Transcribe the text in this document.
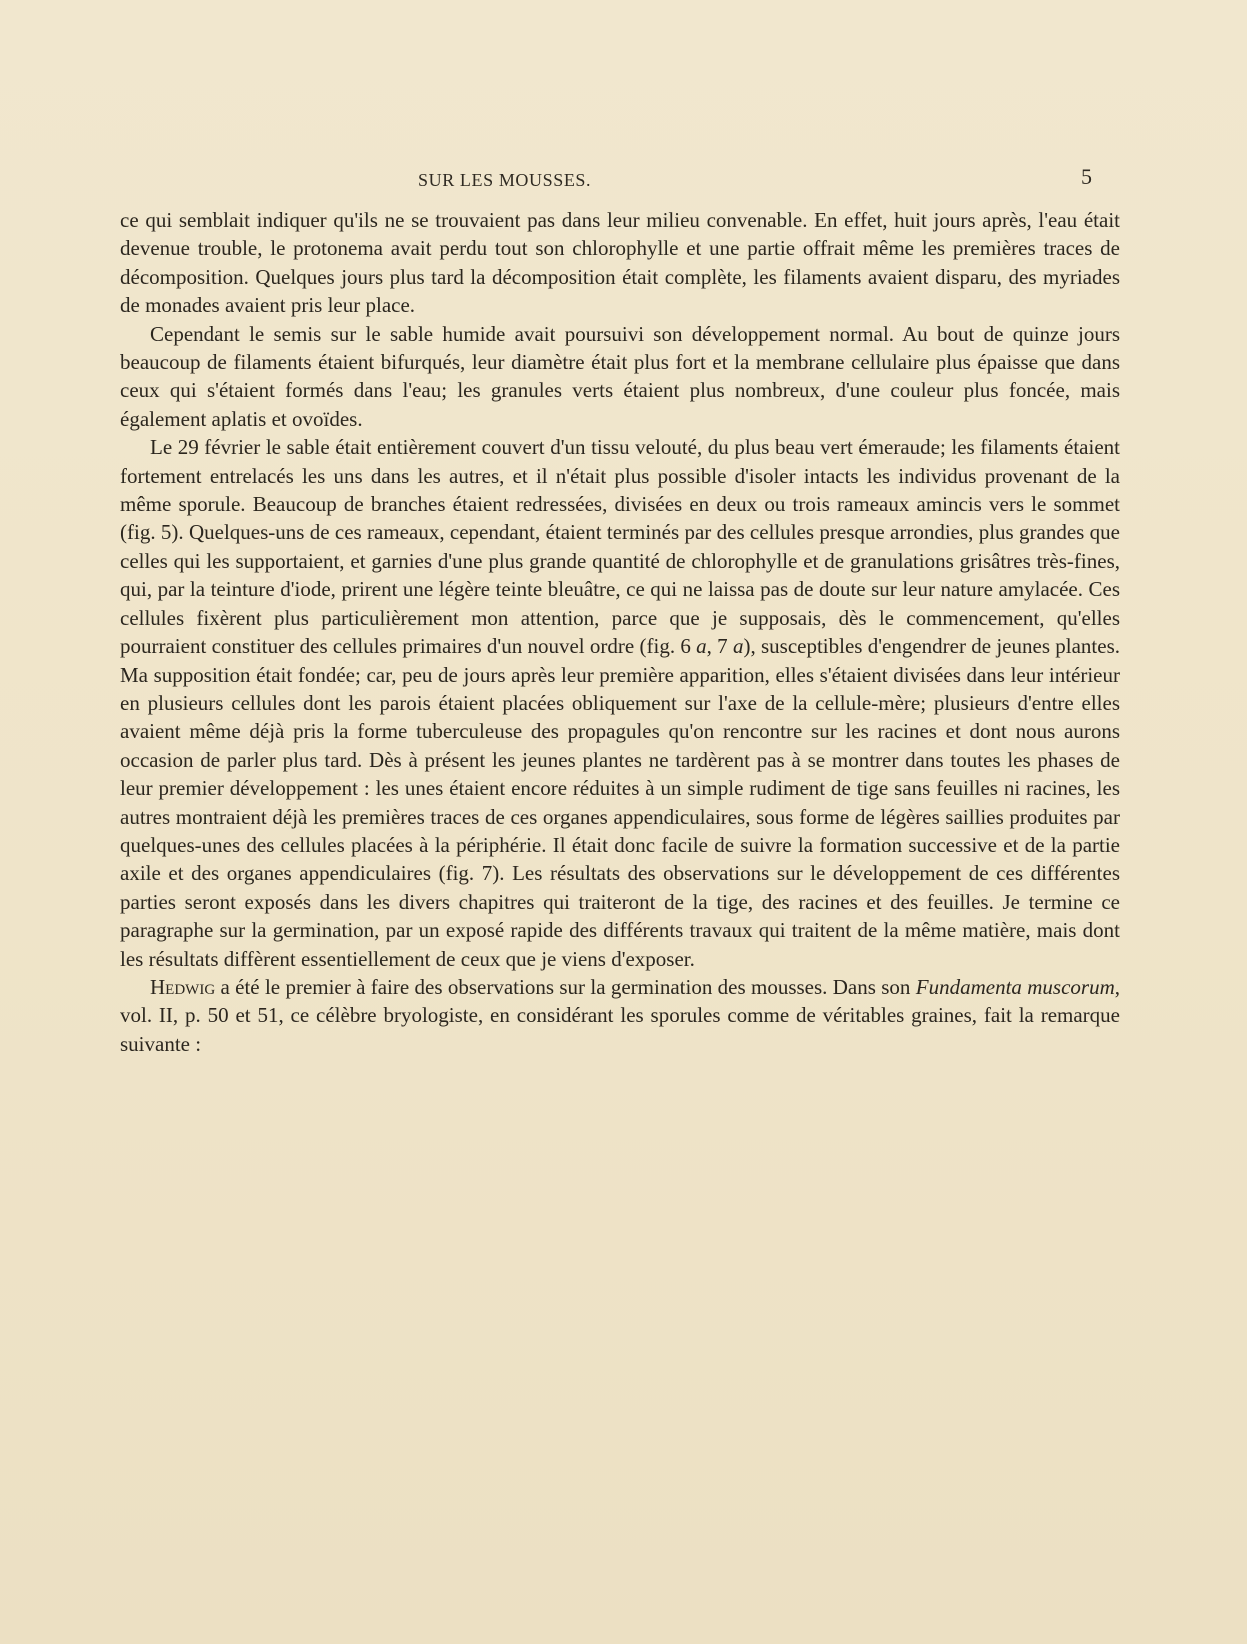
SUR LES MOUSSES.	5

ce qui semblait indiquer qu'ils ne se trouvaient pas dans leur milieu convenable. En effet, huit jours après, l'eau était devenue trouble, le protonema avait perdu tout son chlorophylle et une partie offrait même les premières traces de décomposition. Quelques jours plus tard la décomposition était complète, les filaments avaient disparu, des myriades de monades avaient pris leur place.

Cependant le semis sur le sable humide avait poursuivi son développement normal. Au bout de quinze jours beaucoup de filaments étaient bifurqués, leur diamètre était plus fort et la membrane cellulaire plus épaisse que dans ceux qui s'étaient formés dans l'eau; les granules verts étaient plus nombreux, d'une couleur plus foncée, mais également aplatis et ovoïdes.

Le 29 février le sable était entièrement couvert d'un tissu velouté, du plus beau vert émeraude; les filaments étaient fortement entrelacés les uns dans les autres, et il n'était plus possible d'isoler intacts les individus provenant de la même sporule. Beaucoup de branches étaient redressées, divisées en deux ou trois rameaux amincis vers le sommet (fig. 5). Quelques-uns de ces rameaux, cependant, étaient terminés par des cellules presque arrondies, plus grandes que celles qui les supportaient, et garnies d'une plus grande quantité de chlorophylle et de granulations grisâtres très-fines, qui, par la teinture d'iode, prirent une légère teinte bleuâtre, ce qui ne laissa pas de doute sur leur nature amylacée. Ces cellules fixèrent plus particulièrement mon attention, parce que je supposais, dès le commencement, qu'elles pourraient constituer des cellules primaires d'un nouvel ordre (fig. 6 a, 7 a), susceptibles d'engendrer de jeunes plantes. Ma supposition était fondée; car, peu de jours après leur première apparition, elles s'étaient divisées dans leur intérieur en plusieurs cellules dont les parois étaient placées obliquement sur l'axe de la cellule-mère; plusieurs d'entre elles avaient même déjà pris la forme tuberculeuse des propagules qu'on rencontre sur les racines et dont nous aurons occasion de parler plus tard. Dès à présent les jeunes plantes ne tardèrent pas à se montrer dans toutes les phases de leur premier développement : les unes étaient encore réduites à un simple rudiment de tige sans feuilles ni racines, les autres montraient déjà les premières traces de ces organes appendiculaires, sous forme de légères saillies produites par quelques-unes des cellules placées à la périphérie. Il était donc facile de suivre la formation successive et de la partie axile et des organes appendiculaires (fig. 7). Les résultats des observations sur le développement de ces différentes parties seront exposés dans les divers chapitres qui traiteront de la tige, des racines et des feuilles. Je termine ce paragraphe sur la germination, par un exposé rapide des différents travaux qui traitent de la même matière, mais dont les résultats diffèrent essentiellement de ceux que je viens d'exposer.

Hedwig a été le premier à faire des observations sur la germination des mousses. Dans son Fundamenta muscorum, vol. II, p. 50 et 51, ce célèbre bryologiste, en considérant les sporules comme de véritables graines, fait la remarque suivante :
